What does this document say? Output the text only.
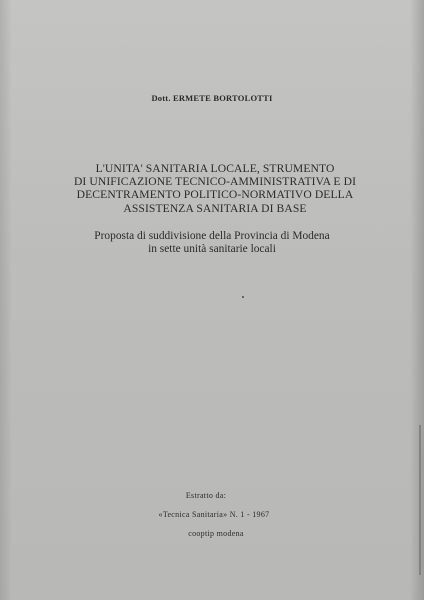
Dott. ERMETE BORTOLOTTI
L'UNITA' SANITARIA LOCALE, STRUMENTO
DI UNIFICAZIONE TECNICO-AMMINISTRATIVA E DI
DECENTRAMENTO POLITICO-NORMATIVO DELLA
ASSISTENZA SANITARIA DI BASE
Proposta di suddivisione della Provincia di Modena
in sette unità sanitarie locali
Estratto da:
«Tecnica Sanitaria» N. 1 - 1967
cooptip modena
